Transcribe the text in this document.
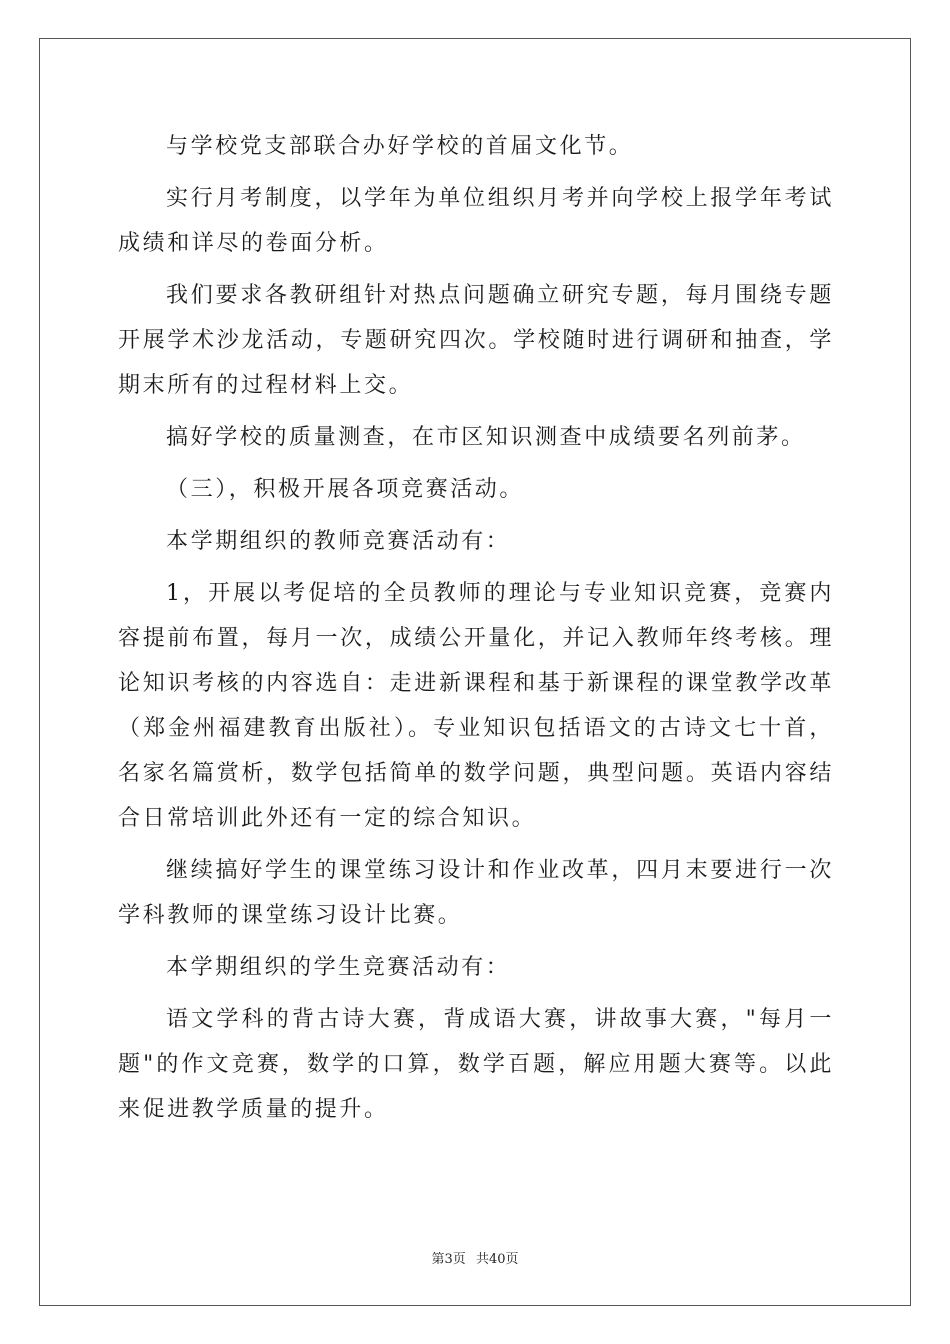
与学校党支部联合办好学校的首届文化节。

实行月考制度，以学年为单位组织月考并向学校上报学年考试成绩和详尽的卷面分析。

我们要求各教研组针对热点问题确立研究专题，每月围绕专题开展学术沙龙活动，专题研究四次。学校随时进行调研和抽查，学期末所有的过程材料上交。

搞好学校的质量测查，在市区知识测查中成绩要名列前茅。

（三），积极开展各项竞赛活动。

本学期组织的教师竞赛活动有：

1，开展以考促培的全员教师的理论与专业知识竞赛，竞赛内容提前布置，每月一次，成绩公开量化，并记入教师年终考核。理论知识考核的内容选自：走进新课程和基于新课程的课堂教学改革（郑金州福建教育出版社）。专业知识包括语文的古诗文七十首，名家名篇赏析，数学包括简单的数学问题，典型问题。英语内容结合日常培训此外还有一定的综合知识。

继续搞好学生的课堂练习设计和作业改革，四月末要进行一次学科教师的课堂练习设计比赛。

本学期组织的学生竞赛活动有：

语文学科的背古诗大赛，背成语大赛，讲故事大赛，"每月一题"的作文竞赛，数学的口算，数学百题，解应用题大赛等。以此来促进教学质量的提升。

第3页 共40页
